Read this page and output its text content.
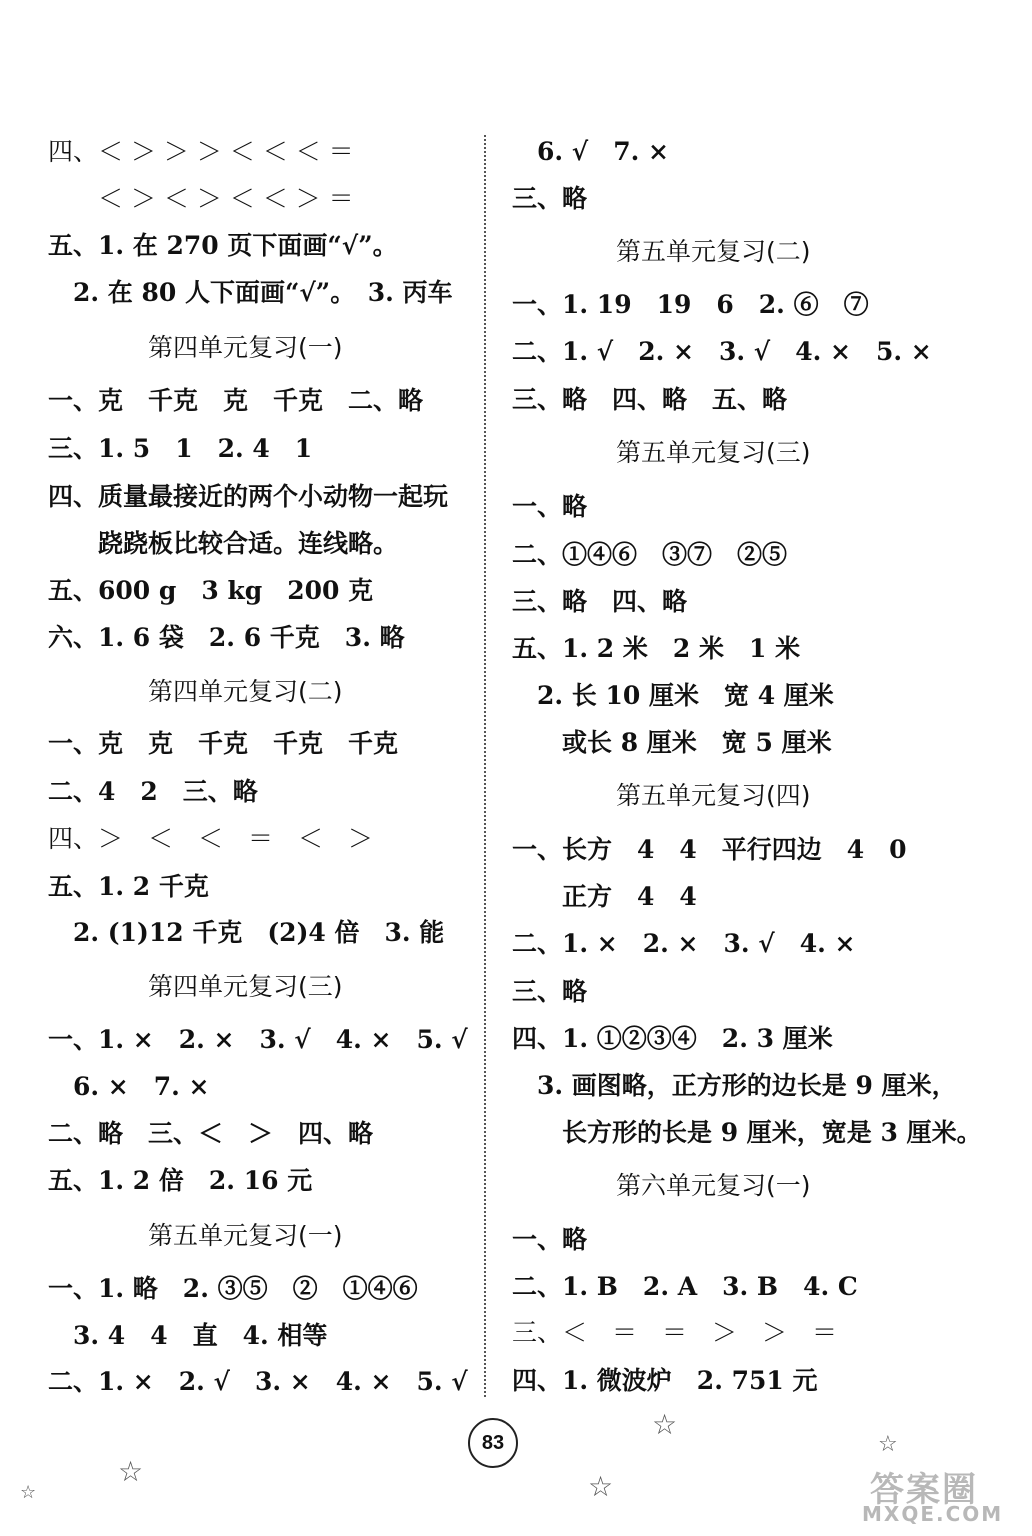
四、＜ ＞ ＞ ＞ ＜ ＜ ＜ ＝
　　＜ ＞ ＜ ＞ ＜ ＜ ＞ ＝
五、1. 在 270 页下面画“√”。
　2. 在 80 人下面画“√”。　3. 丙车
第四单元复习(一)
一、克　千克　克　千克　二、略
三、1. 5　1　2. 4　1
四、质量最接近的两个小动物一起玩
　　跷跷板比较合适。连线略。
五、600 g　3 kg　200 克
六、1. 6 袋　2. 6 千克　3. 略
第四单元复习(二)
一、克　克　千克　千克　千克
二、4　2　三、略
四、＞　＜　＜　＝　＜　＞
五、1. 2 千克
　2. (1)12 千克　(2)4 倍　3. 能
第四单元复习(三)
一、1. ×　2. ×　3. √　4. ×　5. √
　6. ×　7. ×
二、略　三、＜　＞　四、略
五、1. 2 倍　2. 16 元
第五单元复习(一)
一、1. 略　2. ③⑤　②　①④⑥
　3. 4　4　直　4. 相等
二、1. ×　2. √　3. ×　4. ×　5. √
　6. √　7. ×
三、略
第五单元复习(二)
一、1. 19　19　6　2. ⑥　⑦
二、1. √　2. ×　3. √　4. ×　5. ×
三、略　四、略　五、略
第五单元复习(三)
一、略
二、①④⑥　③⑦　②⑤
三、略　四、略
五、1. 2 米　2 米　1 米
　2. 长 10 厘米　宽 4 厘米
　　或长 8 厘米　宽 5 厘米
第五单元复习(四)
一、长方　4　4　平行四边　4　0
　　正方　4　4
二、1. ×　2. ×　3. √　4. ×
三、略
四、1. ①②③④　2. 3 厘米
　3. 画图略，正方形的边长是 9 厘米，
　　长方形的长是 9 厘米，宽是 3 厘米。
第六单元复习(一)
一、略
二、1. B　2. A　3. B　4. C
三、＜　＝　＝　＞　＞　＝
四、1. 微波炉　2. 751 元
83
☆
☆
☆
☆
☆
答案圈
MXQE.COM
